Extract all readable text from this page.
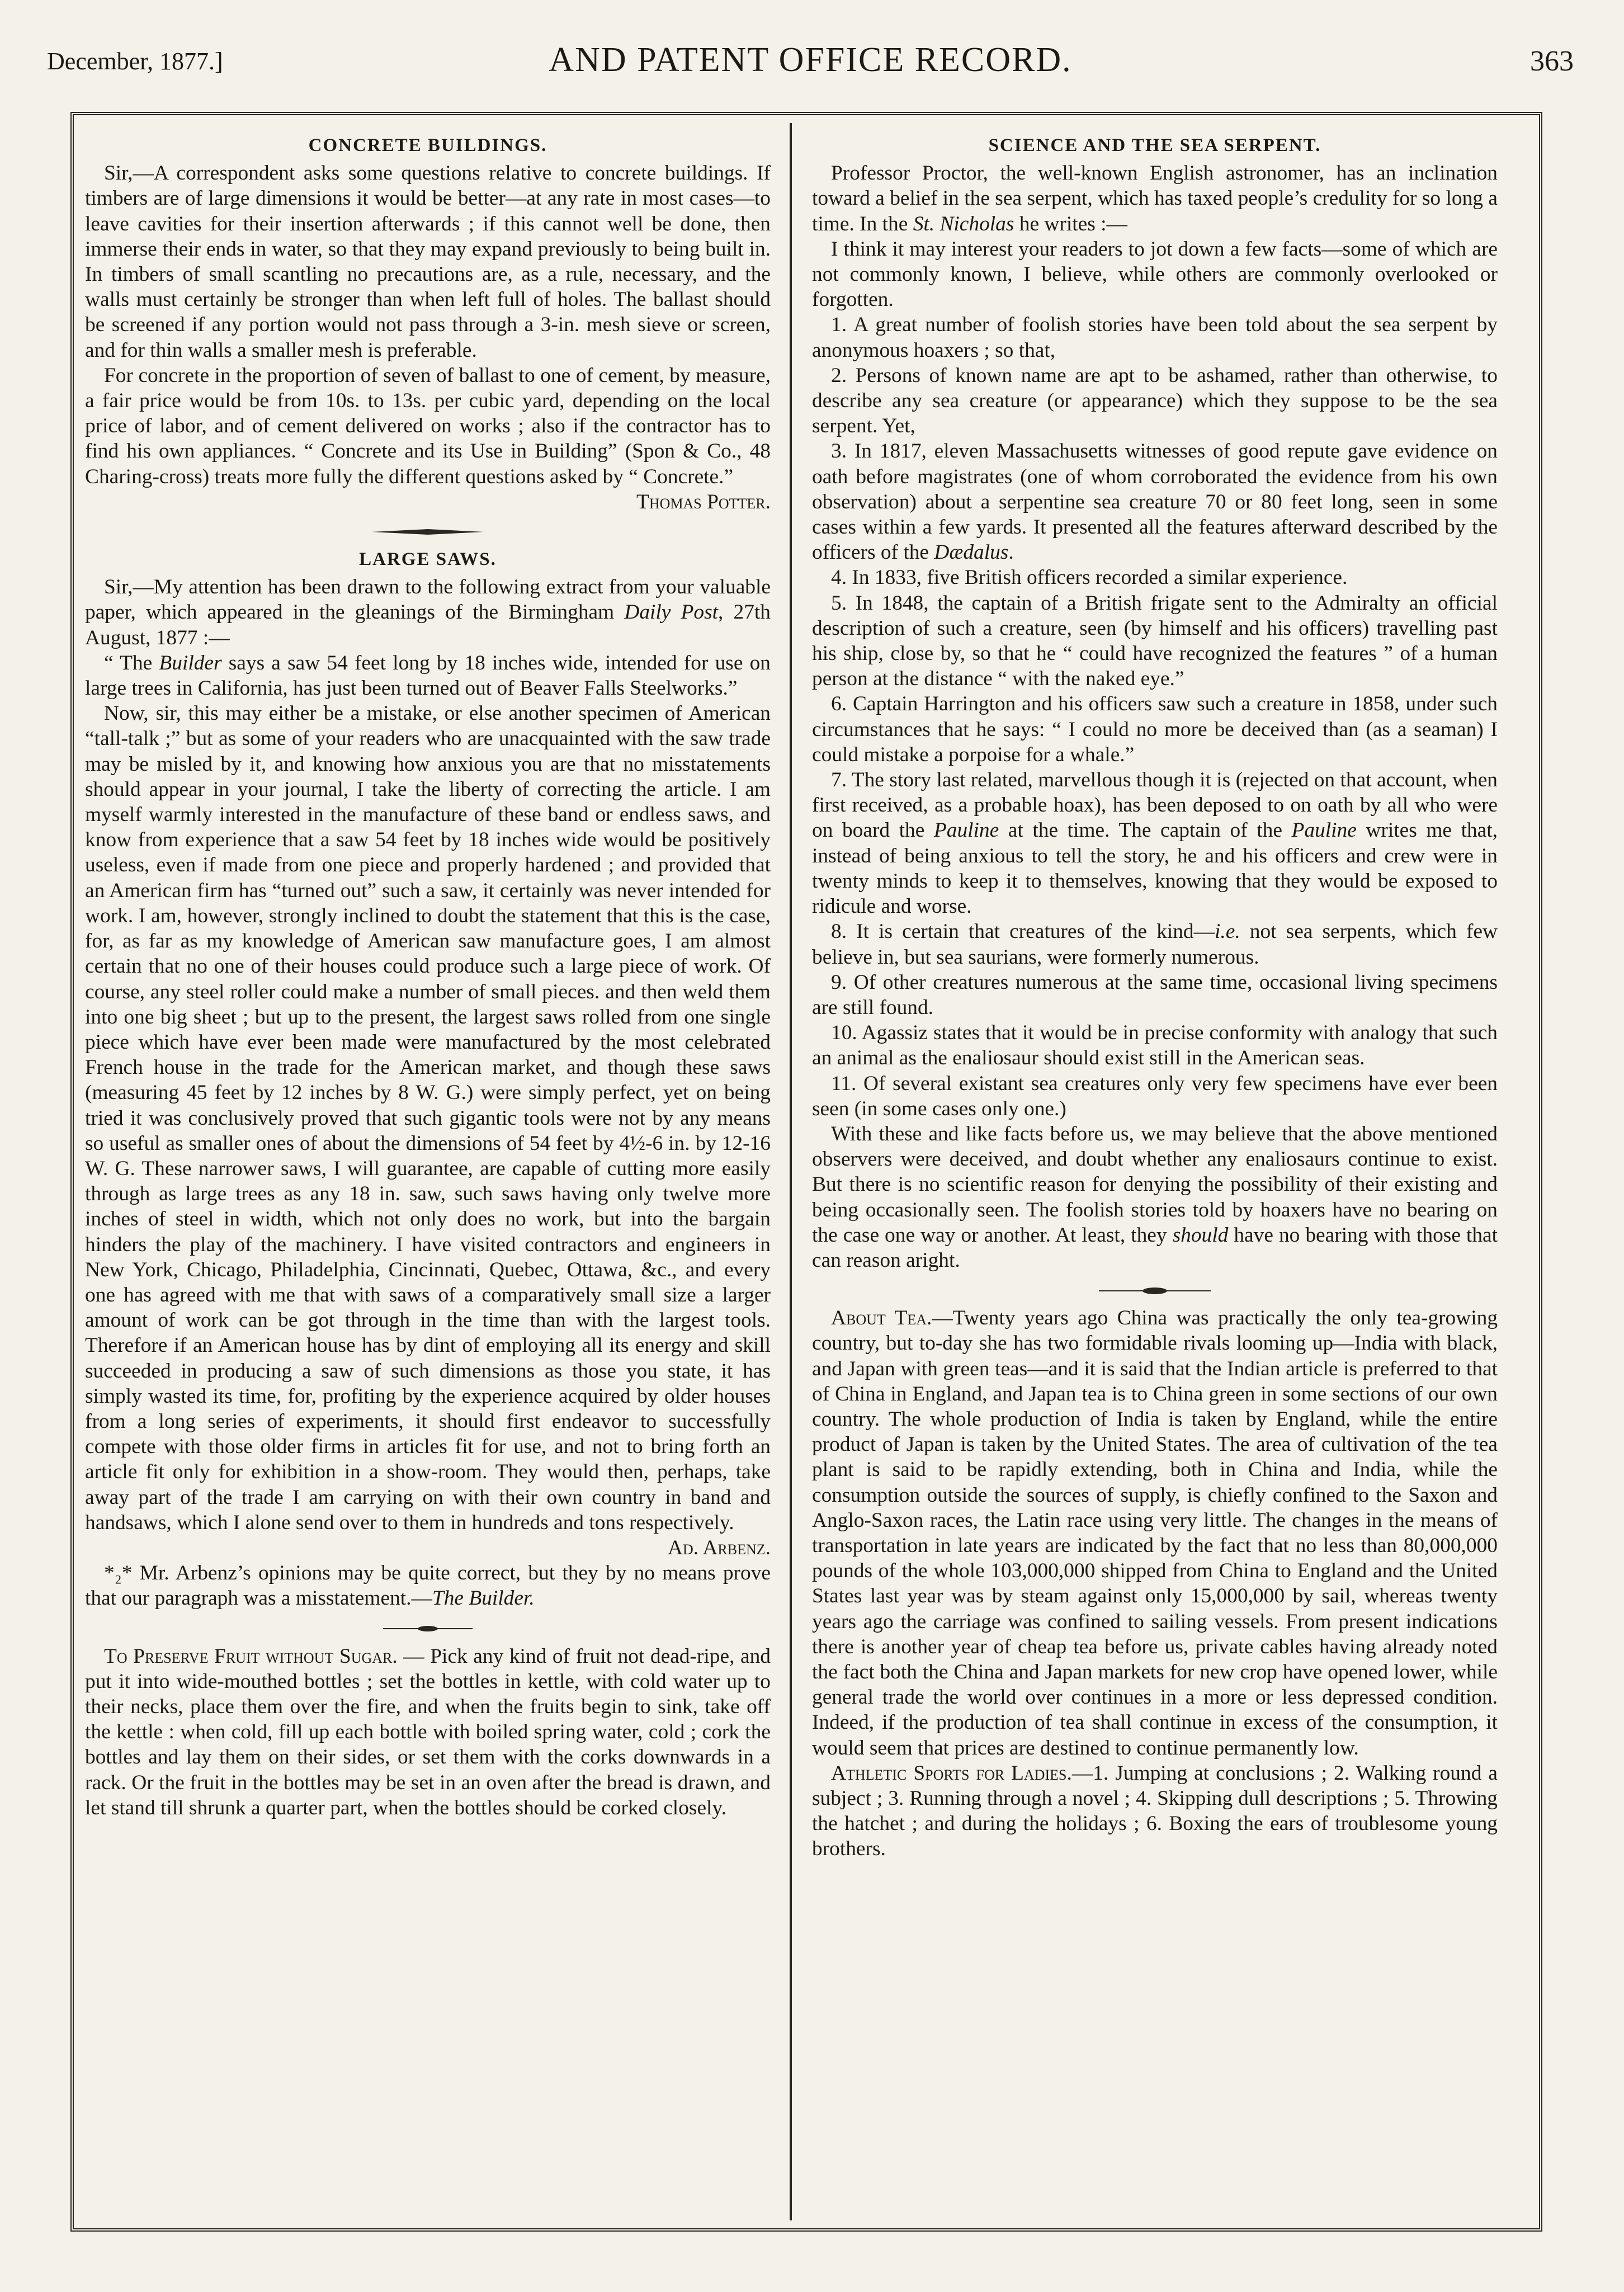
December, 1877.]	AND PATENT OFFICE RECORD.	363
CONCRETE BUILDINGS.

Sir,—A correspondent asks some questions relative to concrete buildings. If timbers are of large dimensions it would be better—at any rate in most cases—to leave cavities for their insertion afterwards ; if this cannot well be done, then immerse their ends in water, so that they may expand previously to being built in. In timbers of small scantling no precautions are, as a rule, necessary, and the walls must certainly be stronger than when left full of holes. The ballast should be screened if any portion would not pass through a 3-in. mesh sieve or screen, and for thin walls a smaller mesh is preferable.

For concrete in the proportion of seven of ballast to one of cement, by measure, a fair price would be from 10s. to 13s. per cubic yard, depending on the local price of labor, and of cement delivered on works ; also if the contractor has to find his own appliances. “ Concrete and its Use in Building” (Spon & Co., 48 Charing-cross) treats more fully the different questions asked by “ Concrete.”

Thomas Potter.

LARGE SAWS.

Sir,—My attention has been drawn to the following extract from your valuable paper, which appeared in the gleanings of the Birmingham Daily Post, 27th August, 1877 :—

“ The Builder says a saw 54 feet long by 18 inches wide, intended for use on large trees in California, has just been turned out of Beaver Falls Steelworks.”

Now, sir, this may either be a mistake, or else another specimen of American “tall-talk ;” but as some of your readers who are unacquainted with the saw trade may be misled by it, and knowing how anxious you are that no misstatements should appear in your journal, I take the liberty of correcting the article. I am myself warmly interested in the manufacture of these band or endless saws, and know from experience that a saw 54 feet by 18 inches wide would be positively useless, even if made from one piece and properly hardened ; and provided that an American firm has “turned out” such a saw, it certainly was never intended for work. I am, however, strongly inclined to doubt the statement that this is the case, for, as far as my knowledge of American saw manufacture goes, I am almost certain that no one of their houses could produce such a large piece of work. Of course, any steel roller could make a number of small pieces. and then weld them into one big sheet ; but up to the present, the largest saws rolled from one single piece which have ever been made were manufactured by the most celebrated French house in the trade for the American market, and though these saws (measuring 45 feet by 12 inches by 8 W. G.) were simply perfect, yet on being tried it was conclusively proved that such gigantic tools were not by any means so useful as smaller ones of about the dimensions of 54 feet by 4½-6 in. by 12-16 W. G. These narrower saws, I will guarantee, are capable of cutting more easily through as large trees as any 18 in. saw, such saws having only twelve more inches of steel in width, which not only does no work, but into the bargain hinders the play of the machinery. I have visited contractors and engineers in New York, Chicago, Philadelphia, Cincinnati, Quebec, Ottawa, &c., and every one has agreed with me that with saws of a comparatively small size a larger amount of work can be got through in the time than with the largest tools. Therefore if an American house has by dint of employing all its energy and skill succeeded in producing a saw of such dimensions as those you state, it has simply wasted its time, for, profiting by the experience acquired by older houses from a long series of experiments, it should first endeavor to successfully compete with those older firms in articles fit for use, and not to bring forth an article fit only for exhibition in a show-room. They would then, perhaps, take away part of the trade I am carrying on with their own country in band and handsaws, which I alone send over to them in hundreds and tons respectively.

Ad. Arbenz.

*₂* Mr. Arbenz’s opinions may be quite correct, but they by no means prove that our paragraph was a misstatement.—The Builder.

To Preserve Fruit without Sugar. — Pick any kind of fruit not dead-ripe, and put it into wide-mouthed bottles ; set the bottles in kettle, with cold water up to their necks, place them over the fire, and when the fruits begin to sink, take off the kettle : when cold, fill up each bottle with boiled spring water, cold ; cork the bottles and lay them on their sides, or set them with the corks downwards in a rack. Or the fruit in the bottles may be set in an oven after the bread is drawn, and let stand till shrunk a quarter part, when the bottles should be corked closely.

SCIENCE AND THE SEA SERPENT.

Professor Proctor, the well-known English astronomer, has an inclination toward a belief in the sea serpent, which has taxed people’s credulity for so long a time. In the St. Nicholas he writes :—

I think it may interest your readers to jot down a few facts—some of which are not commonly known, I believe, while others are commonly overlooked or forgotten.

1. A great number of foolish stories have been told about the sea serpent by anonymous hoaxers ; so that,

2. Persons of known name are apt to be ashamed, rather than otherwise, to describe any sea creature (or appearance) which they suppose to be the sea serpent. Yet,

3. In 1817, eleven Massachusetts witnesses of good repute gave evidence on oath before magistrates (one of whom corroborated the evidence from his own observation) about a serpentine sea creature 70 or 80 feet long, seen in some cases within a few yards. It presented all the features afterward described by the officers of the Dædalus.

4. In 1833, five British officers recorded a similar experience.

5. In 1848, the captain of a British frigate sent to the Admiralty an official description of such a creature, seen (by himself and his officers) travelling past his ship, close by, so that he “ could have recognized the features ” of a human person at the distance “ with the naked eye.”

6. Captain Harrington and his officers saw such a creature in 1858, under such circumstances that he says: “ I could no more be deceived than (as a seaman) I could mistake a porpoise for a whale.”

7. The story last related, marvellous though it is (rejected on that account, when first received, as a probable hoax), has been deposed to on oath by all who were on board the Pauline at the time. The captain of the Pauline writes me that, instead of being anxious to tell the story, he and his officers and crew were in twenty minds to keep it to themselves, knowing that they would be exposed to ridicule and worse.

8. It is certain that creatures of the kind—i.e. not sea serpents, which few believe in, but sea saurians, were formerly numerous.

9. Of other creatures numerous at the same time, occasional living specimens are still found.

10. Agassiz states that it would be in precise conformity with analogy that such an animal as the enaliosaur should exist still in the American seas.

11. Of several existant sea creatures only very few specimens have ever been seen (in some cases only one.)

With these and like facts before us, we may believe that the above mentioned observers were deceived, and doubt whether any enaliosaurs continue to exist. But there is no scientific reason for denying the possibility of their existing and being occasionally seen. The foolish stories told by hoaxers have no bearing on the case one way or another. At least, they should have no bearing with those that can reason aright.

About Tea.—Twenty years ago China was practically the only tea-growing country, but to-day she has two formidable rivals looming up—India with black, and Japan with green teas—and it is said that the Indian article is preferred to that of China in England, and Japan tea is to China green in some sections of our own country. The whole production of India is taken by England, while the entire product of Japan is taken by the United States. The area of cultivation of the tea plant is said to be rapidly extending, both in China and India, while the consumption outside the sources of supply, is chiefly confined to the Saxon and Anglo-Saxon races, the Latin race using very little. The changes in the means of transportation in late years are indicated by the fact that no less than 80,000,000 pounds of the whole 103,000,000 shipped from China to England and the United States last year was by steam against only 15,000,000 by sail, whereas twenty years ago the carriage was confined to sailing vessels. From present indications there is another year of cheap tea before us, private cables having already noted the fact both the China and Japan markets for new crop have opened lower, while general trade the world over continues in a more or less depressed condition. Indeed, if the production of tea shall continue in excess of the consumption, it would seem that prices are destined to continue permanently low.

Athletic Sports for Ladies.—1. Jumping at conclusions ; 2. Walking round a subject ; 3. Running through a novel ; 4. Skipping dull descriptions ; 5. Throwing the hatchet ; and during the holidays ; 6. Boxing the ears of troublesome young brothers.
